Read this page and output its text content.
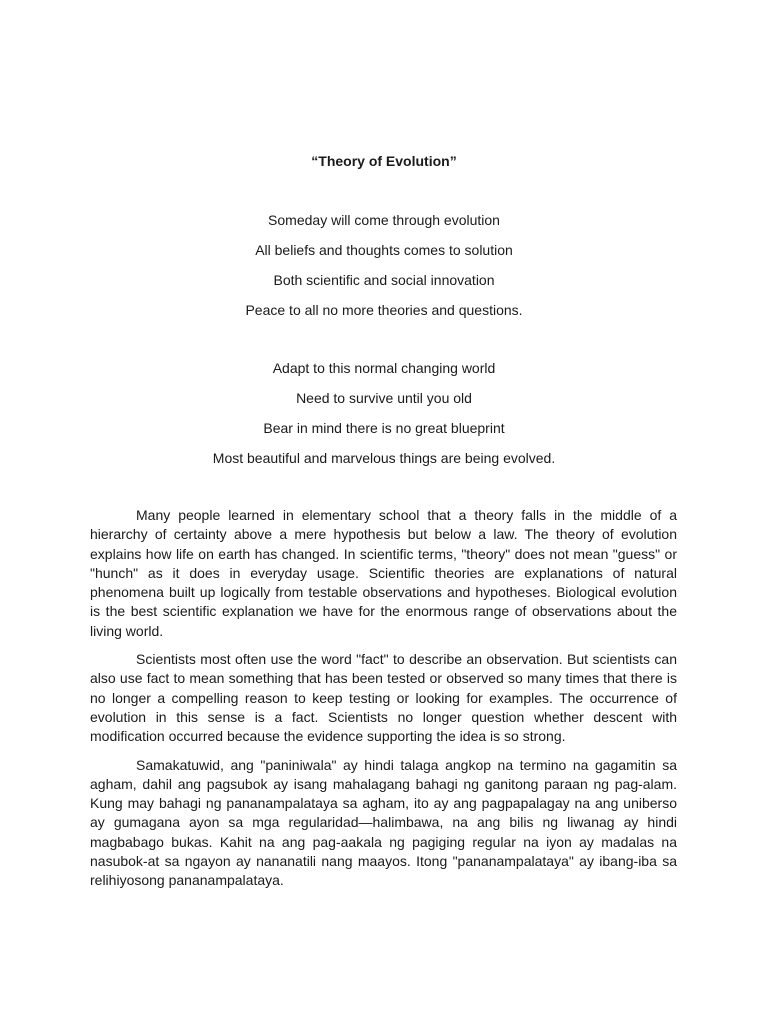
“Theory of Evolution”
Someday will come through evolution
All beliefs and thoughts comes to solution
Both scientific and social innovation
Peace to all no more theories and questions.
Adapt to this normal changing world
Need to survive until you old
Bear in mind there is no great blueprint
Most beautiful and marvelous things are being evolved.

Many people learned in elementary school that a theory falls in the middle of a hierarchy of certainty above a mere hypothesis but below a law. The theory of evolution explains how life on earth has changed. In scientific terms, "theory" does not mean "guess" or "hunch" as it does in everyday usage. Scientific theories are explanations of natural phenomena built up logically from testable observations and hypotheses. Biological evolution is the best scientific explanation we have for the enormous range of observations about the living world.

Scientists most often use the word "fact" to describe an observation. But scientists can also use fact to mean something that has been tested or observed so many times that there is no longer a compelling reason to keep testing or looking for examples. The occurrence of evolution in this sense is a fact. Scientists no longer question whether descent with modification occurred because the evidence supporting the idea is so strong.

Samakatuwid, ang "paniniwala" ay hindi talaga angkop na termino na gagamitin sa agham, dahil ang pagsubok ay isang mahalagang bahagi ng ganitong paraan ng pag-alam. Kung may bahagi ng pananampalataya sa agham, ito ay ang pagpapalagay na ang uniberso ay gumagana ayon sa mga regularidad—halimbawa, na ang bilis ng liwanag ay hindi magbabago bukas. Kahit na ang pag-aakala ng pagiging regular na iyon ay madalas na nasubok-at sa ngayon ay nananatili nang maayos. Itong "pananampalataya" ay ibang-iba sa relihiyosong pananampalataya.
